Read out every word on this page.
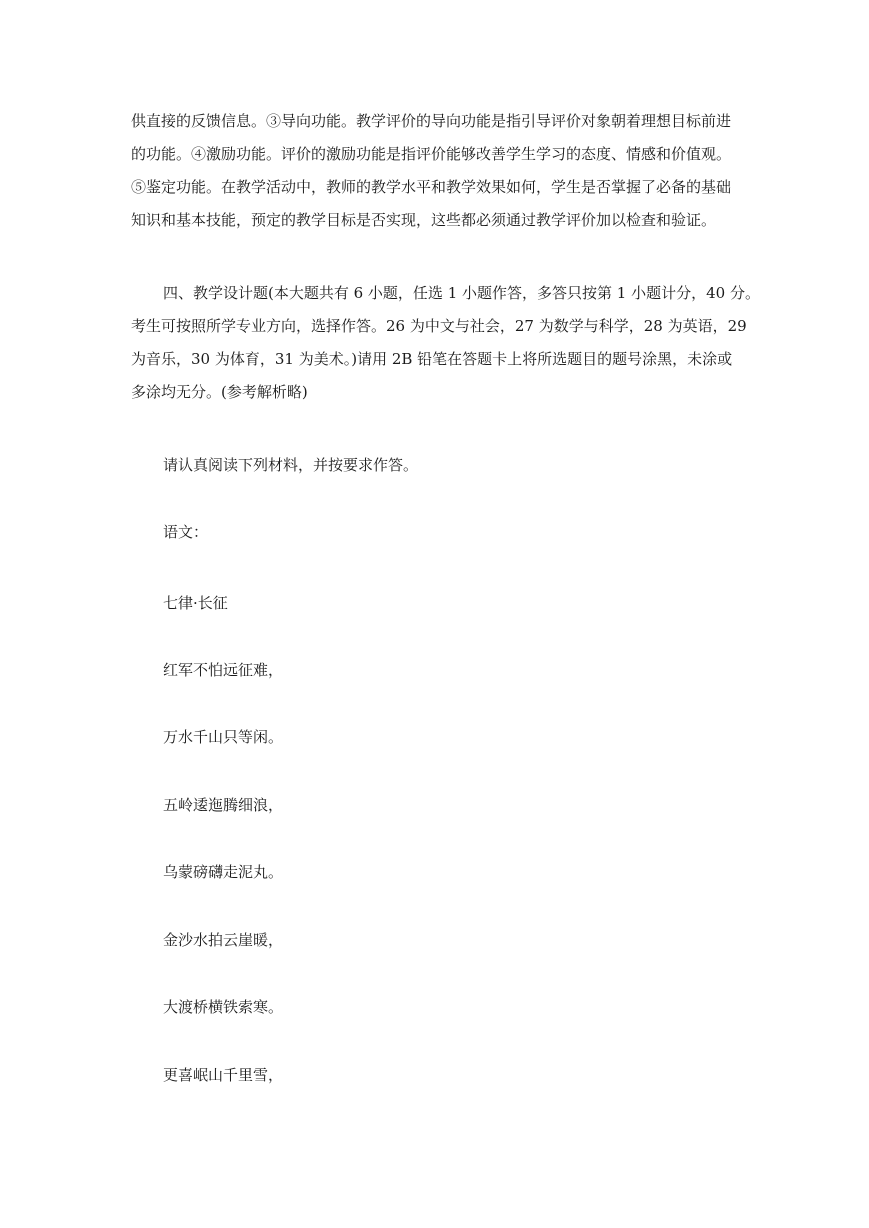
供直接的反馈信息。③导向功能。教学评价的导向功能是指引导评价对象朝着理想目标前进
的功能。④激励功能。评价的激励功能是指评价能够改善学生学习的态度、情感和价值观。
⑤鉴定功能。在教学活动中，教师的教学水平和教学效果如何，学生是否掌握了必备的基础
知识和基本技能，预定的教学目标是否实现，这些都必须通过教学评价加以检查和验证。

四、教学设计题(本大题共有 6 小题，任选 1 小题作答，多答只按第 1 小题计分，40 分。
考生可按照所学专业方向，选择作答。26 为中文与社会，27 为数学与科学，28 为英语，29
为音乐，30 为体育，31 为美术。)请用 2B 铅笔在答题卡上将所选题目的题号涂黑，未涂或
多涂均无分。(参考解析略)

请认真阅读下列材料，并按要求作答。

语文：

七律·长征

红军不怕远征难，

万水千山只等闲。

五岭逶迤腾细浪，

乌蒙磅礴走泥丸。

金沙水拍云崖暖，

大渡桥横铁索寒。

更喜岷山千里雪，
